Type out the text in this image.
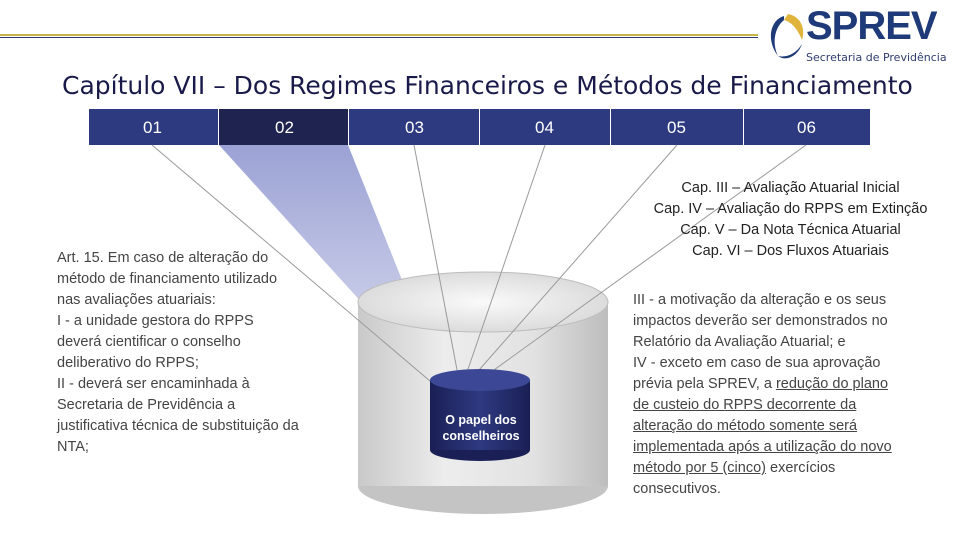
SPREV
Secretaria de Previdência
Capítulo VII – Dos Regimes Financeiros e Métodos de Financiamento
01	02	03	04	05	06
O papel dos
conselheiros
Art. 15. Em caso de alteração do
método de financiamento utilizado
nas avaliações atuariais:
I - a unidade gestora do RPPS
deverá cientificar o conselho
deliberativo do RPPS;
II - deverá ser encaminhada à
Secretaria de Previdência a
justificativa técnica de substituição da
NTA;
Cap. III – Avaliação Atuarial Inicial
Cap. IV – Avaliação do RPPS em Extinção
Cap. V – Da Nota Técnica Atuarial
Cap. VI – Dos Fluxos Atuariais
III - a motivação da alteração e os seus
impactos deverão ser demonstrados no
Relatório da Avaliação Atuarial; e
IV - exceto em caso de sua aprovação
prévia pela SPREV, a redução do plano
de custeio do RPPS decorrente da
alteração do método somente será
implementada após a utilização do novo
método por 5 (cinco) exercícios
consecutivos.
